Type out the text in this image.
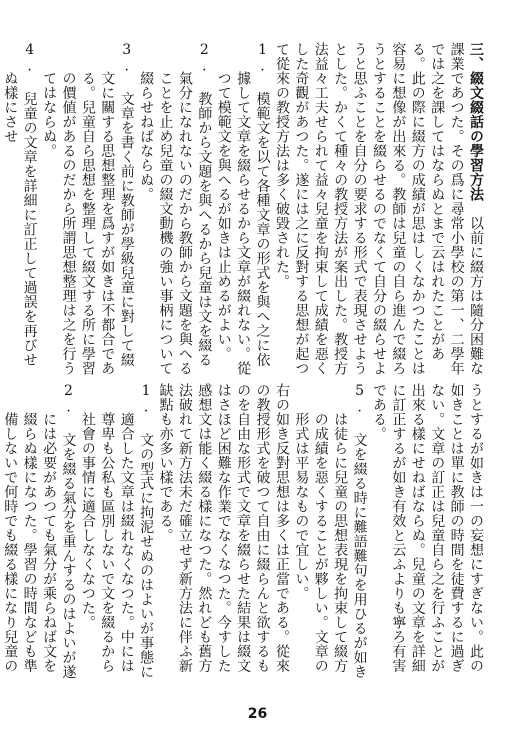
三、綴文綴話の學習方法　以前に綴方は隨分困難な課業であつた。その爲に尋常小學校の第一、二學年では之を課してはならぬとまで云はれたことがある。此の際に綴方の成績が思はしくなかつたことは容易に想像が出來る。教師は兒童の自ら進んで綴ろうとすることを綴らせるのでなくて自分の綴らせようと思ふことを自分の要求する形式で表現させようとした。かくて種々の教授方法が案出した。教授方法益々工夫せられて益々兒童を拘束して成績を惡くした奇觀があつた。遂には之に反對する思想が起つて從來の教授方法は多く破毀された。

1. 模範文を以て各種文章の形式を與へ之に依據して文章を綴らせるから文章が綴れない。從つて模範文を與へるが如きは止めるがよい。

2. 教師から文題を與へるから兒童は文を綴る氣分になれないのだから教師から文題を與へることを止め兒童の綴文動機の強い事柄について綴らせねばならぬ。

3. 文章を書く前に教師が學級兒童に對して綴文に關する思想整理を爲すが如きは不都合である。兒童自ら思想を整理して綴文する所に學習の價値があるのだから所謂思想整理は之を行うてはならぬ。

4. 兒童の文章を詳細に訂正して過誤を再びせぬ樣にさせ

うとするが如きは一の妄想にすぎない。此の如きことは單に教師の時間を徒費するに過ぎない。文章の訂正は兒童自ら之を行ふことが出來る樣にせねばならぬ。兒童の文章を詳細に訂正するが如き有效と云ふよりも寧ろ有害である。

5. 文を綴る時に難語難句を用ひるが如きは徒らに兒童の思想表現を拘束して綴方の成績を惡くすることが夥しい。文章の形式は平易なもので宜しい。

右の如き反對思想は多くは正當である。從來の教授形式を破つて自由に綴らんと欲するものを自由な形式で文章を綴らせた結果は綴文はさほど困難な作業でなくなつた。今すした感想文は能く綴る樣になつた。然れども舊方法破れて新方法未だ確立せず新方法に伴ふ新缺點も亦多い樣である。

1. 文の型式に拘泥せぬのはよいが事態に適合した文章は綴れなくなつた。中には尊卑も公私も區別しないで文を綴るから社會の事情に適合しなくなつた。

2. 文を綴る氣分を重んするのはよいが遂には必要があつても氣分が乘らねば文を綴らぬ樣になつた。學習の時間なども準備しないで何時でも綴る樣になり兒童の

26
